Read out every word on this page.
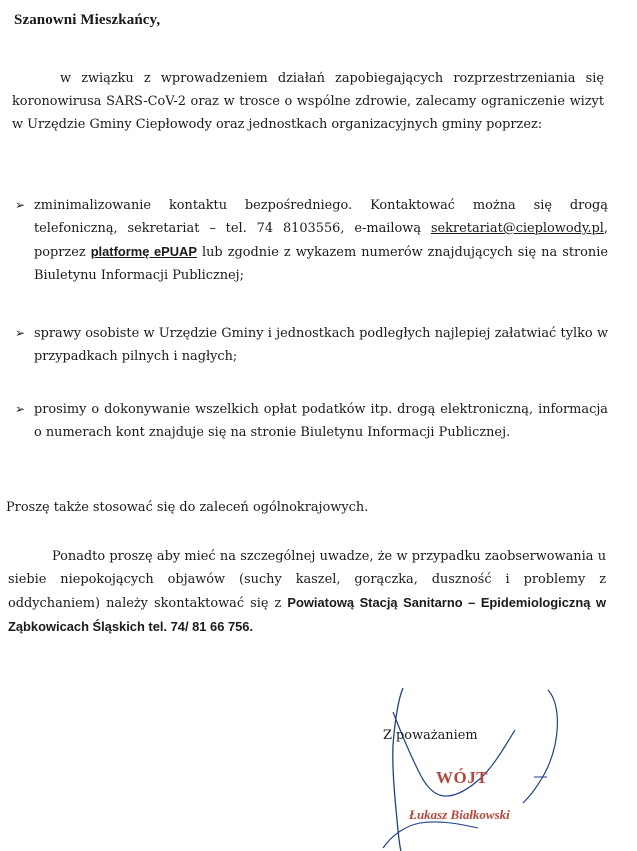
Szanowni Mieszkańcy,

w związku z wprowadzeniem działań zapobiegających rozprzestrzeniania się koronowirusa SARS-CoV-2 oraz w trosce o wspólne zdrowie, zalecamy ograniczenie wizyt w Urzędzie Gminy Ciepłowody oraz jednostkach organizacyjnych gminy poprzez:

➢ zminimalizowanie kontaktu bezpośredniego. Kontaktować można się drogą telefoniczną, sekretariat – tel. 74 8103556, e-mailową sekretariat@cieplowody.pl, poprzez platformę ePUAP lub zgodnie z wykazem numerów znajdujących się na stronie Biuletynu Informacji Publicznej;
➢ sprawy osobiste w Urzędzie Gminy i jednostkach podległych najlepiej załatwiać tylko w przypadkach pilnych i nagłych;
➢ prosimy o dokonywanie wszelkich opłat podatków itp. drogą elektroniczną, informacja o numerach kont znajduje się na stronie Biuletynu Informacji Publicznej.

Proszę także stosować się do zaleceń ogólnokrajowych.

Ponadto proszę aby mieć na szczególnej uwadze, że w przypadku zaobserwowania u siebie niepokojących objawów (suchy kaszel, gorączka, duszność i problemy z oddychaniem) należy skontaktować się z Powiatową Stacją Sanitarno – Epidemiologiczną w Ząbkowicach Śląskich tel. 74/ 81 66 756.

Z poważaniem
WÓJT
Łukasz Białkowski
